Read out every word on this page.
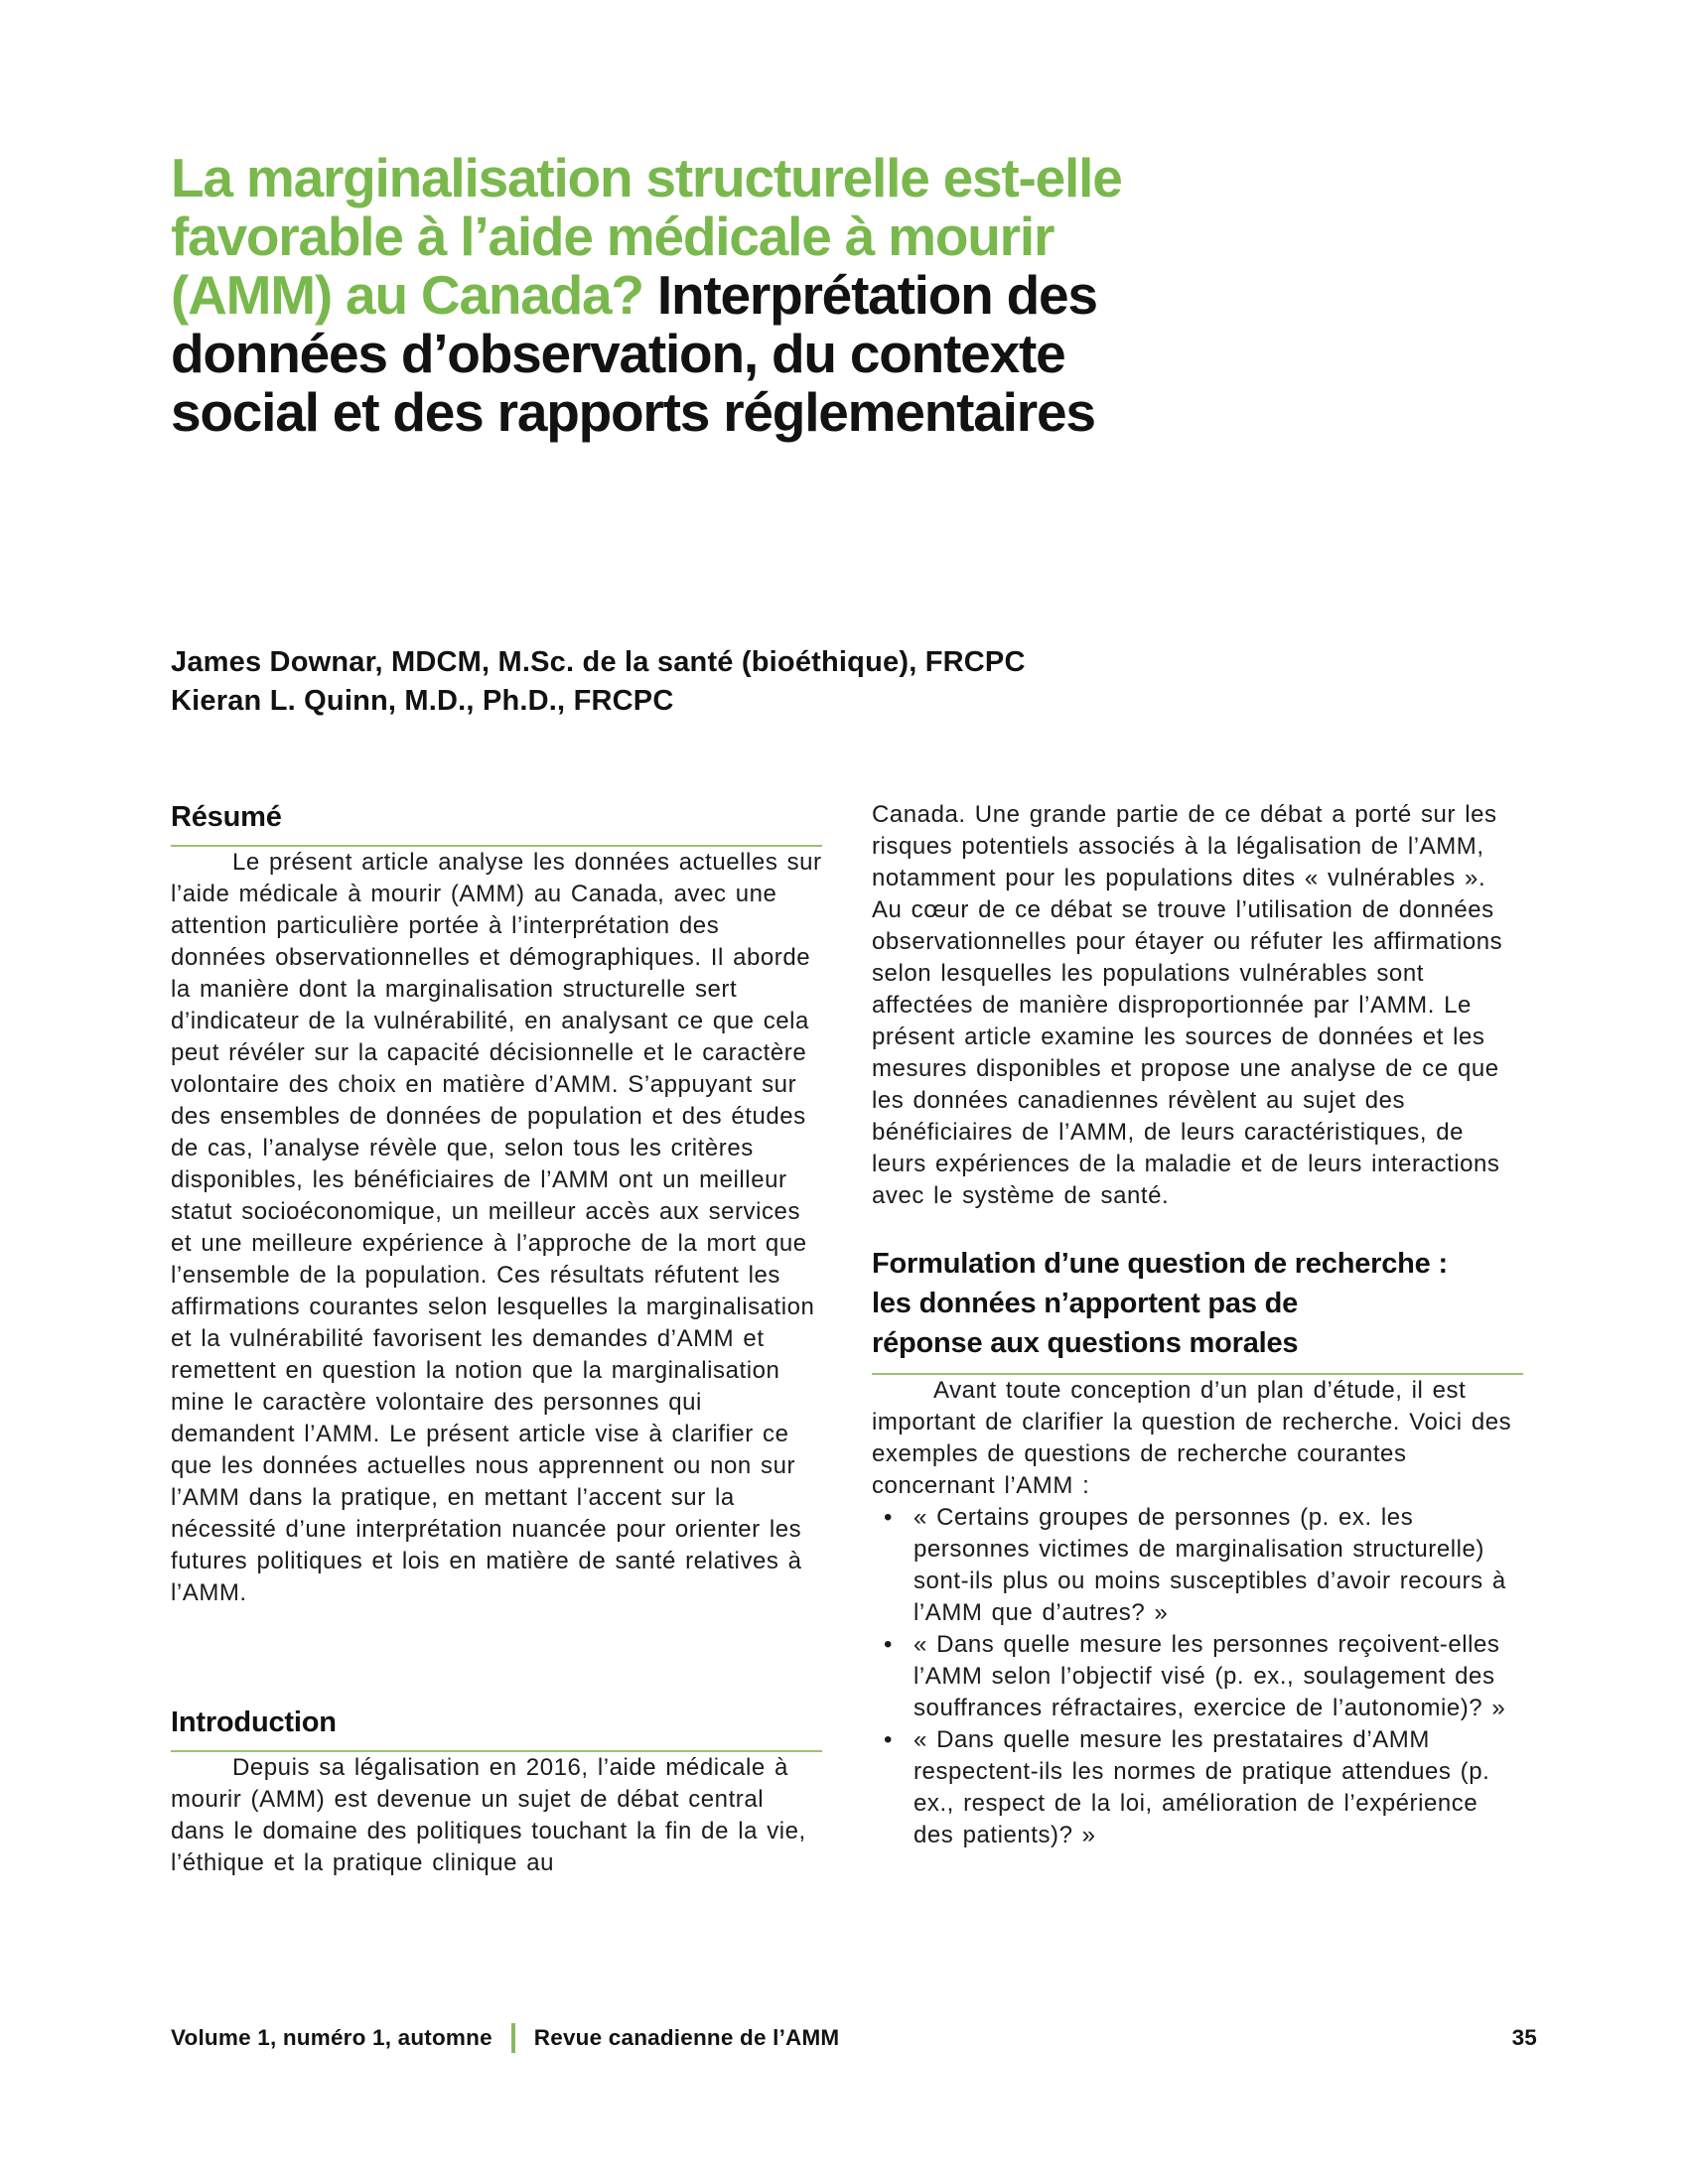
La marginalisation structurelle est-elle
favorable à l’aide médicale à mourir
(AMM) au Canada? Interprétation des
données d’observation, du contexte
social et des rapports réglementaires
James Downar, MDCM, M.Sc. de la santé (bioéthique), FRCPC
Kieran L. Quinn, M.D., Ph.D., FRCPC
Résumé

Le présent article analyse les données actuelles sur l’aide médicale à mourir (AMM) au Canada, avec une attention particulière portée à l’interprétation des données observationnelles et démographiques. Il aborde la manière dont la marginalisation structurelle sert d’indicateur de la vulnérabilité, en analysant ce que cela peut révéler sur la capacité décisionnelle et le caractère volontaire des choix en matière d’AMM. S’appuyant sur des ensembles de données de population et des études de cas, l’analyse révèle que, selon tous les critères disponibles, les bénéficiaires de l’AMM ont un meilleur statut socioéconomique, un meilleur accès aux services et une meilleure expérience à l’approche de la mort que l’ensemble de la population. Ces résultats réfutent les affirmations courantes selon lesquelles la marginalisation et la vulnérabilité favorisent les demandes d’AMM et remettent en question la notion que la marginalisation mine le caractère volontaire des personnes qui demandent l’AMM. Le présent article vise à clarifier ce que les données actuelles nous apprennent ou non sur l’AMM dans la pratique, en mettant l’accent sur la nécessité d’une interprétation nuancée pour orienter les futures politiques et lois en matière de santé relatives à l’AMM.

Introduction

Depuis sa légalisation en 2016, l’aide médicale à mourir (AMM) est devenue un sujet de débat central dans le domaine des politiques touchant la fin de la vie, l’éthique et la pratique clinique au

Canada. Une grande partie de ce débat a porté sur les risques potentiels associés à la légalisation de l’AMM, notamment pour les populations dites « vulnérables ». Au cœur de ce débat se trouve l’utilisation de données observationnelles pour étayer ou réfuter les affirmations selon lesquelles les populations vulnérables sont affectées de manière disproportionnée par l’AMM. Le présent article examine les sources de données et les mesures disponibles et propose une analyse de ce que les données canadiennes révèlent au sujet des bénéficiaires de l’AMM, de leurs caractéristiques, de leurs expériences de la maladie et de leurs interactions avec le système de santé.

Formulation d’une question de recherche :
les données n’apportent pas de
réponse aux questions morales

Avant toute conception d’un plan d’étude, il est important de clarifier la question de recherche. Voici des exemples de questions de recherche courantes concernant l’AMM :

• « Certains groupes de personnes (p. ex. les personnes victimes de marginalisation structurelle) sont-ils plus ou moins susceptibles d’avoir recours à l’AMM que d’autres? »
• « Dans quelle mesure les personnes reçoivent-elles l’AMM selon l’objectif visé (p. ex., soulagement des souffrances réfractaires, exercice de l’autonomie)? »
• « Dans quelle mesure les prestataires d’AMM respectent-ils les normes de pratique attendues (p. ex., respect de la loi, amélioration de l’expérience des patients)? »
Volume 1, numéro 1, automne Revue canadienne de l’AMM	35
